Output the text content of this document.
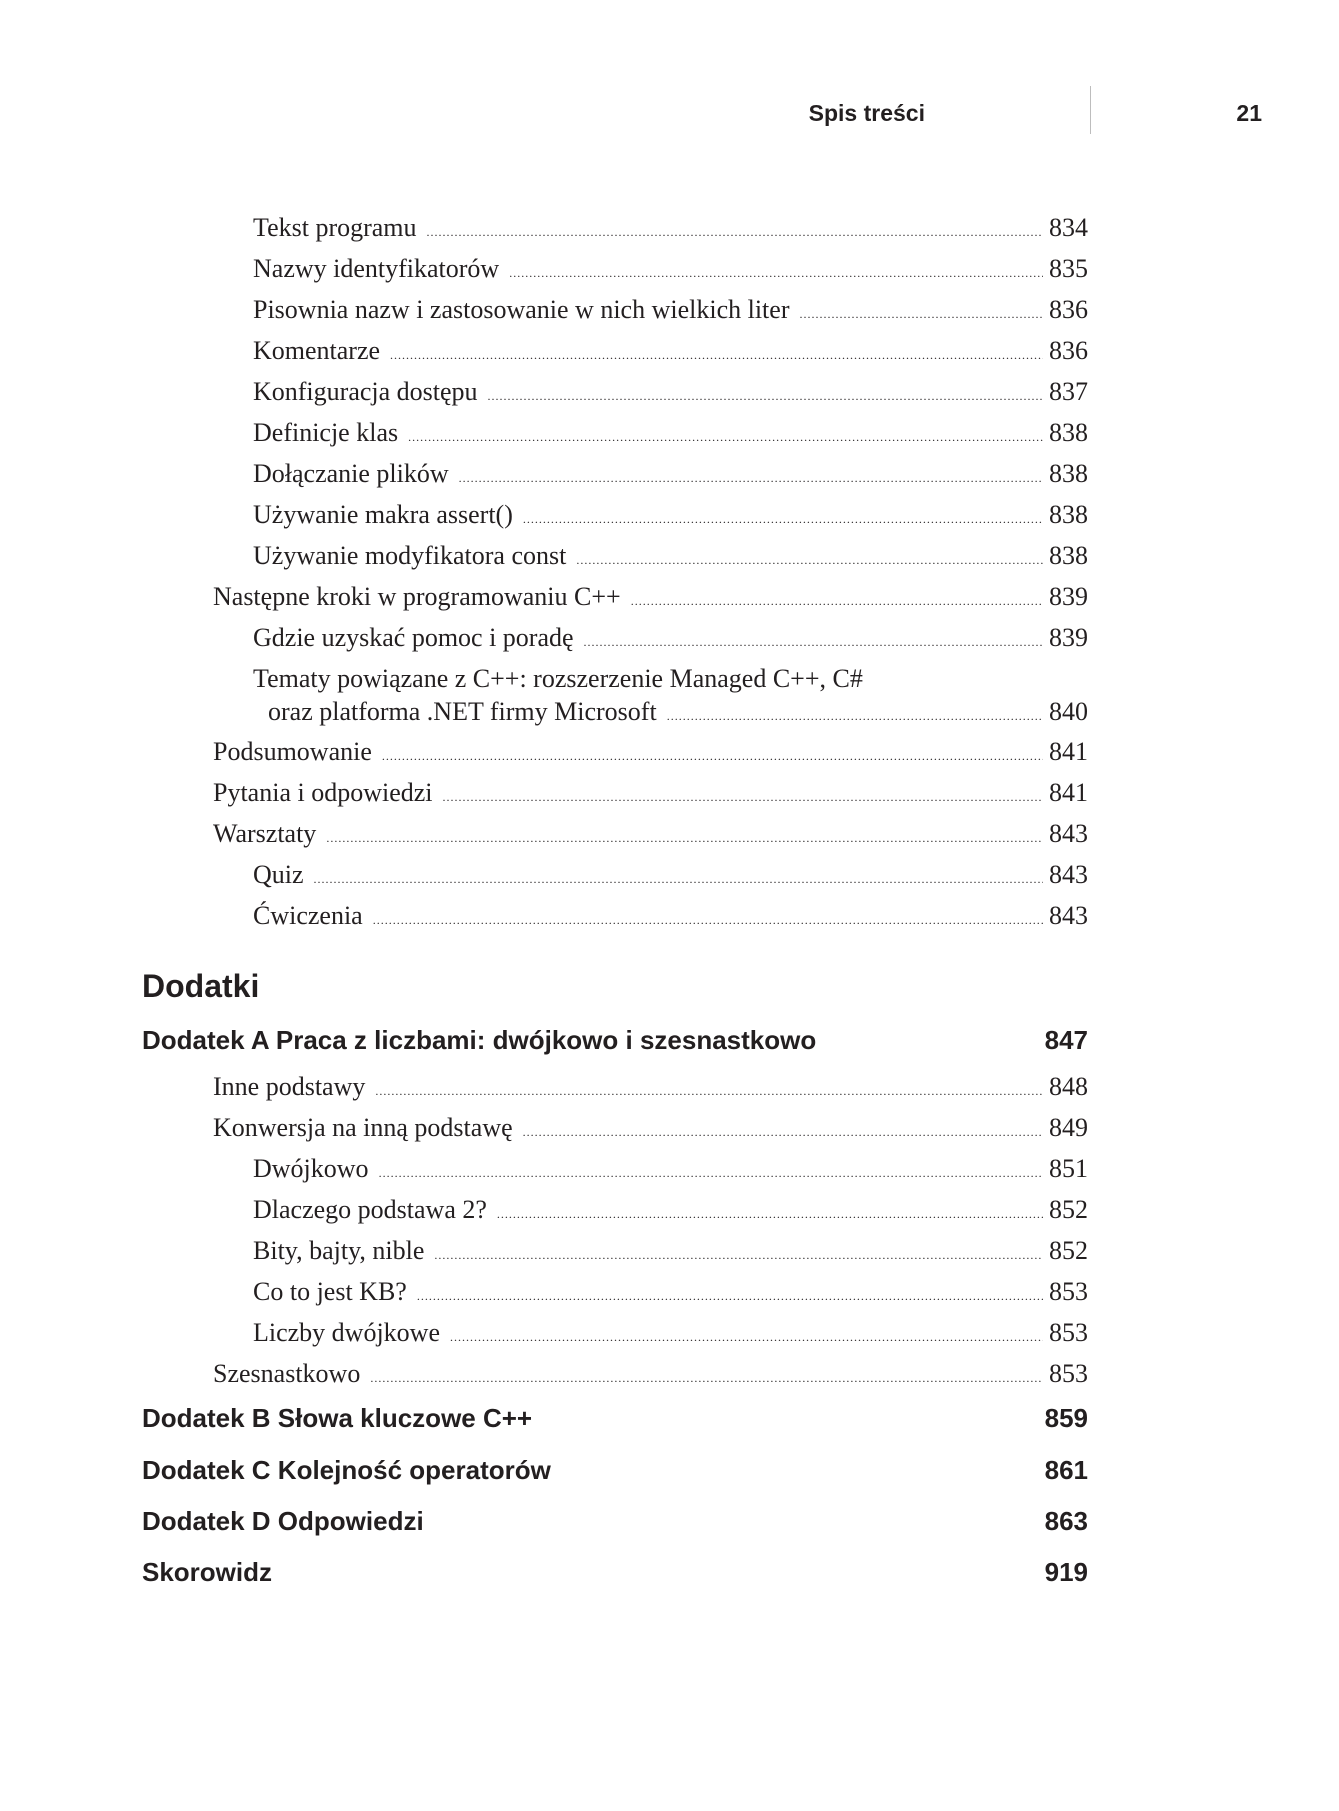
Spis treści	21
Tekst programu .....	834
Nazwy identyfikatorów .....	835
Pisownia nazw i zastosowanie w nich wielkich liter .....	836
Komentarze .....	836
Konfiguracja dostępu .....	837
Definicje klas .....	838
Dołączanie plików .....	838
Używanie makra assert() .....	838
Używanie modyfikatora const .....	838
Następne kroki w programowaniu C++ .....	839
Gdzie uzyskać pomoc i poradę .....	839
Tematy powiązane z C++: rozszerzenie Managed C++, C#
oraz platforma .NET firmy Microsoft .....	840
Podsumowanie .....	841
Pytania i odpowiedzi .....	841
Warsztaty .....	843
Quiz .....	843
Ćwiczenia .....	843
Dodatki
Dodatek A Praca z liczbami: dwójkowo i szesnastkowo	847
Inne podstawy .....	848
Konwersja na inną podstawę .....	849
Dwójkowo .....	851
Dlaczego podstawa 2? .....	852
Bity, bajty, nible .....	852
Co to jest KB? .....	853
Liczby dwójkowe .....	853
Szesnastkowo .....	853
Dodatek B Słowa kluczowe C++	859
Dodatek C Kolejność operatorów	861
Dodatek D Odpowiedzi	863
Skorowidz	919
